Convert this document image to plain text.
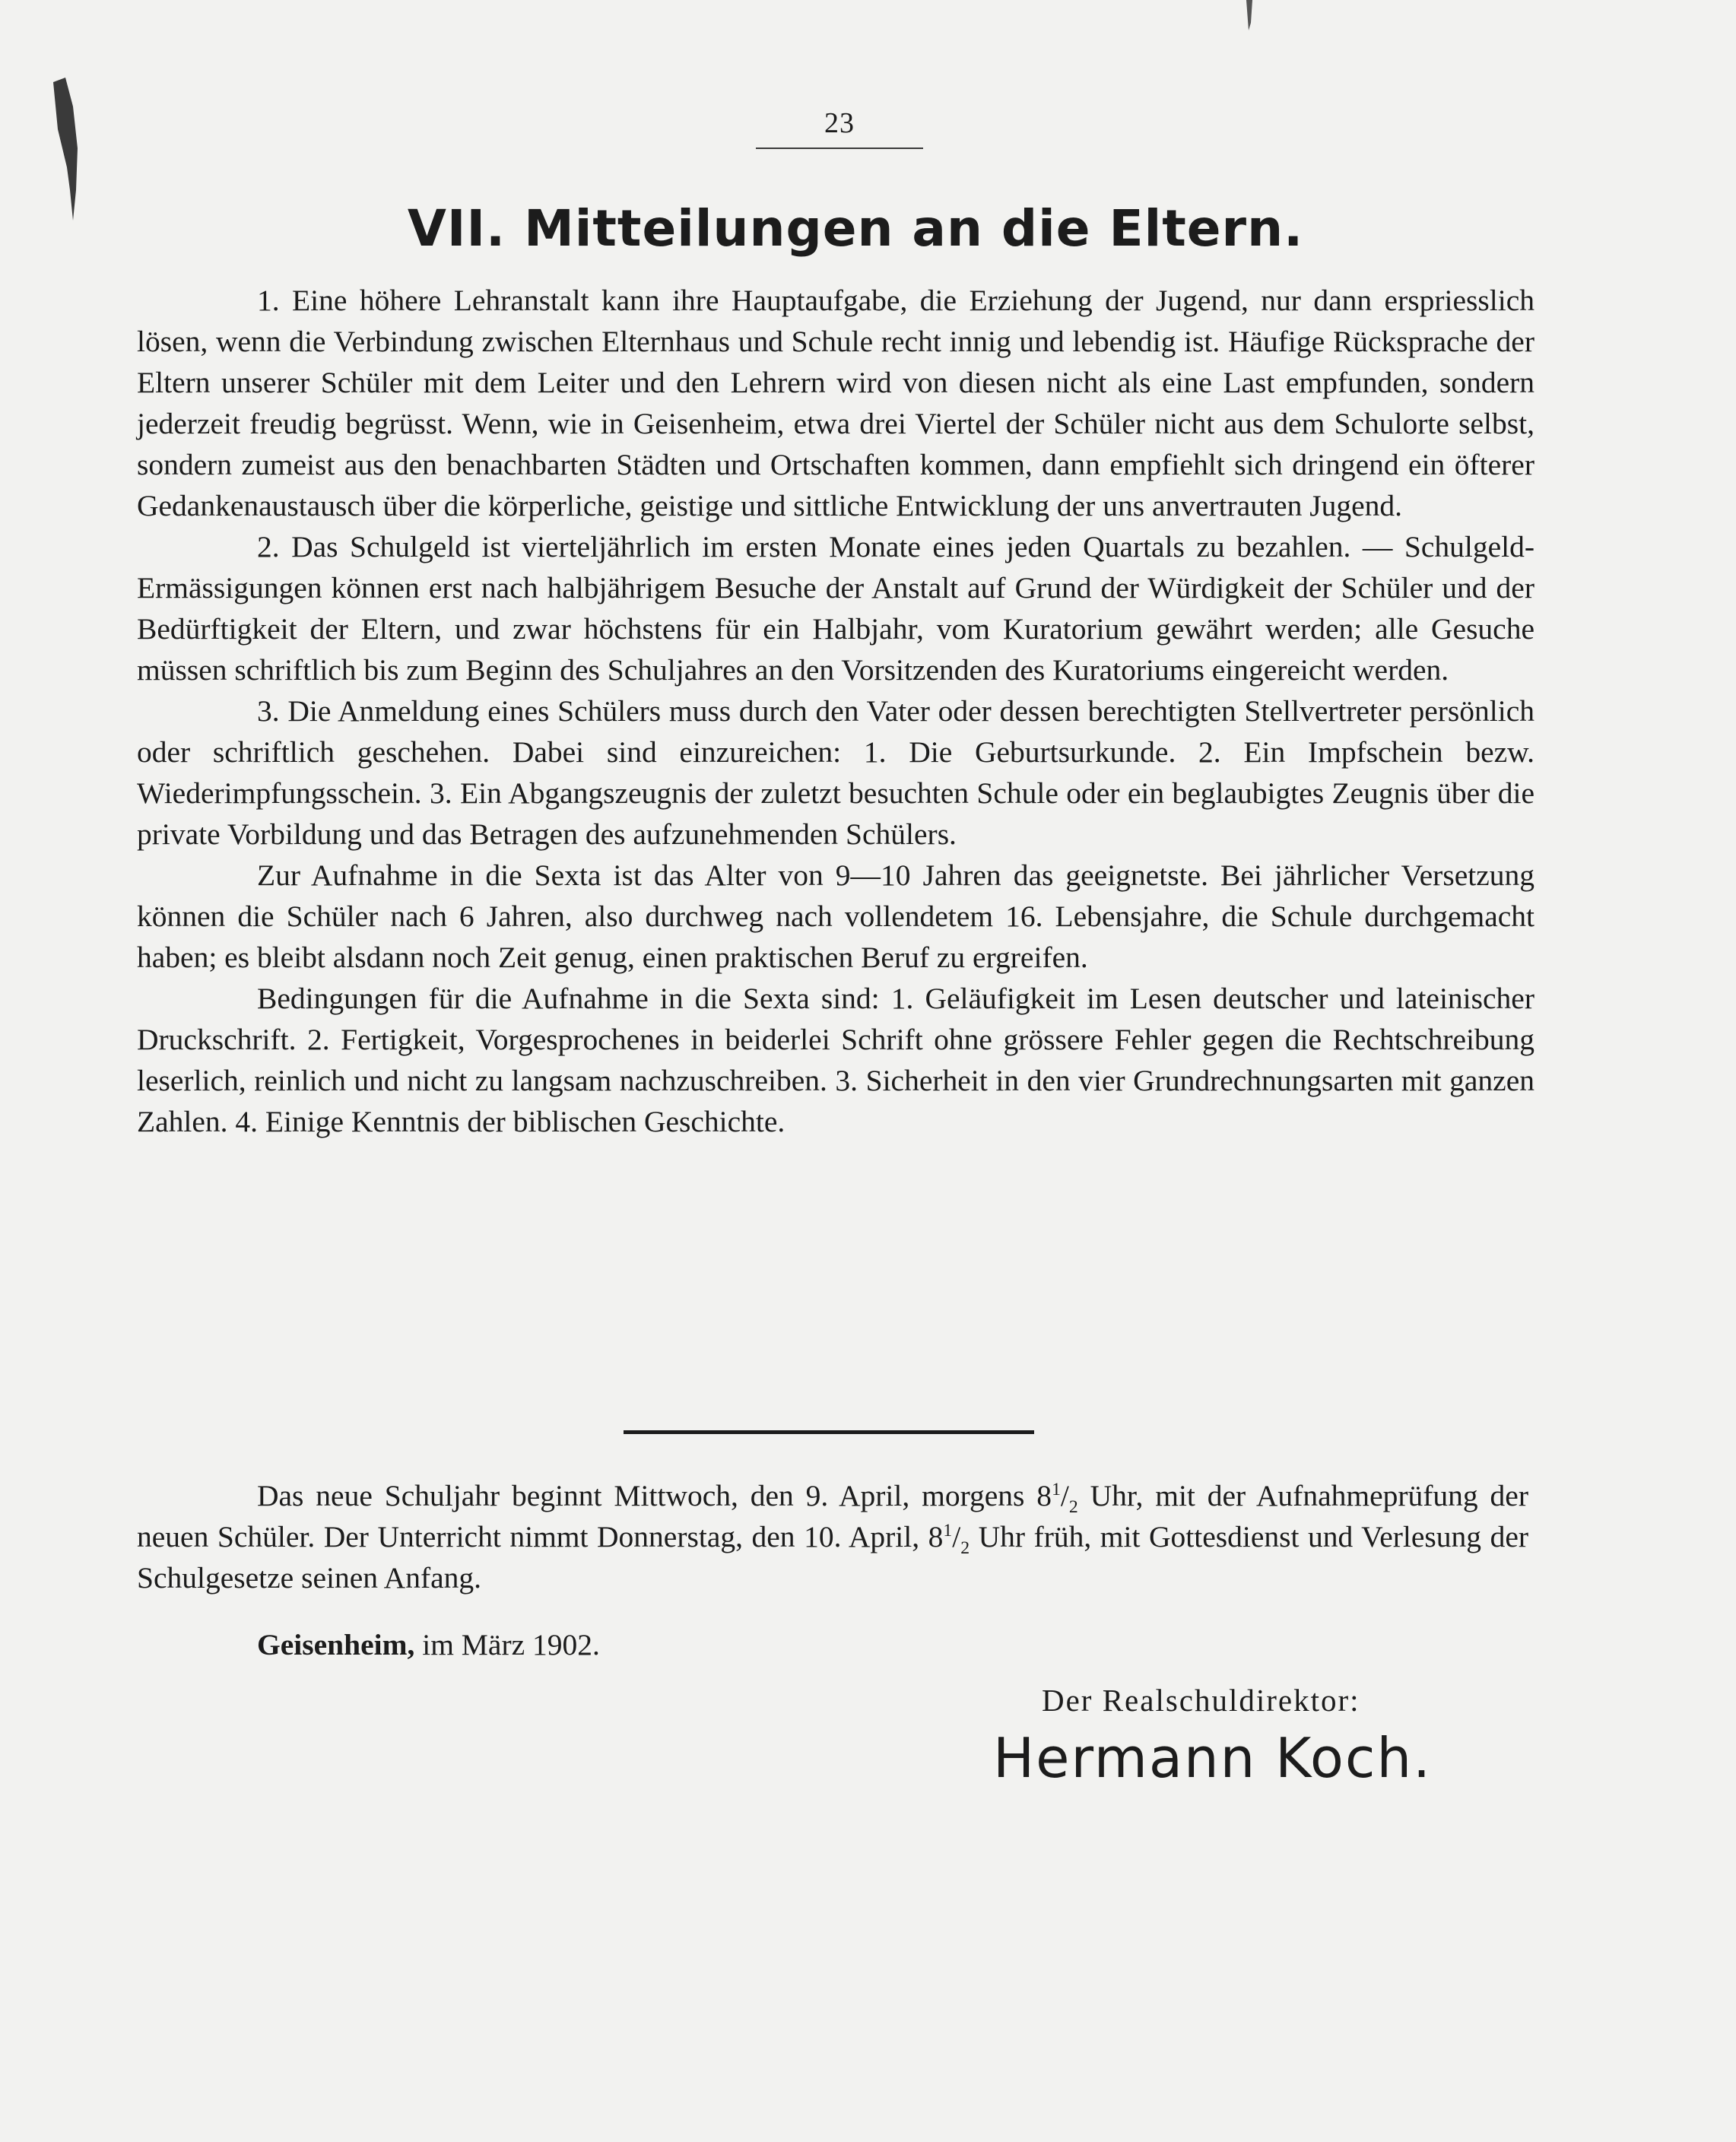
23
VII. Mitteilungen an die Eltern.

1. Eine höhere Lehranstalt kann ihre Hauptaufgabe, die Erziehung der Jugend, nur dann erspriesslich lösen, wenn die Verbindung zwischen Elternhaus und Schule recht innig und lebendig ist. Häufige Rücksprache der Eltern unserer Schüler mit dem Leiter und den Lehrern wird von diesen nicht als eine Last empfunden, sondern jederzeit freudig begrüsst. Wenn, wie in Geisenheim, etwa drei Viertel der Schüler nicht aus dem Schulorte selbst, sondern zumeist aus den benachbarten Städten und Ortschaften kommen, dann empfiehlt sich dringend ein öfterer Gedankenaustausch über die körperliche, geistige und sittliche Entwicklung der uns anvertrauten Jugend.

2. Das Schulgeld ist vierteljährlich im ersten Monate eines jeden Quartals zu bezahlen. — Schulgeld-Ermässigungen können erst nach halbjährigem Besuche der Anstalt auf Grund der Würdigkeit der Schüler und der Bedürftigkeit der Eltern, und zwar höchstens für ein Halbjahr, vom Kuratorium gewährt werden; alle Gesuche müssen schriftlich bis zum Beginn des Schuljahres an den Vorsitzenden des Kuratoriums eingereicht werden.

3. Die Anmeldung eines Schülers muss durch den Vater oder dessen berechtigten Stellvertreter persönlich oder schriftlich geschehen. Dabei sind einzureichen: 1. Die Geburtsurkunde. 2. Ein Impfschein bezw. Wiederimpfungsschein. 3. Ein Abgangszeugnis der zuletzt besuchten Schule oder ein beglaubigtes Zeugnis über die private Vorbildung und das Betragen des aufzunehmenden Schülers.

Zur Aufnahme in die Sexta ist das Alter von 9—10 Jahren das geeignetste. Bei jährlicher Versetzung können die Schüler nach 6 Jahren, also durchweg nach vollendetem 16. Lebensjahre, die Schule durchgemacht haben; es bleibt alsdann noch Zeit genug, einen praktischen Beruf zu ergreifen.

Bedingungen für die Aufnahme in die Sexta sind: 1. Geläufigkeit im Lesen deutscher und lateinischer Druckschrift. 2. Fertigkeit, Vorgesprochenes in beiderlei Schrift ohne grössere Fehler gegen die Rechtschreibung leserlich, reinlich und nicht zu langsam nachzuschreiben. 3. Sicherheit in den vier Grundrechnungsarten mit ganzen Zahlen. 4. Einige Kenntnis der biblischen Geschichte.

Das neue Schuljahr beginnt Mittwoch, den 9. April, morgens $8^1/_2$ Uhr, mit der Aufnahmeprüfung der neuen Schüler. Der Unterricht nimmt Donnerstag, den 10. April, $8^1/_2$ Uhr früh, mit Gottesdienst und Verlesung der Schulgesetze seinen Anfang.

Geisenheim, im März 1902.

Der Realschuldirektor:

Hermann Koch.
